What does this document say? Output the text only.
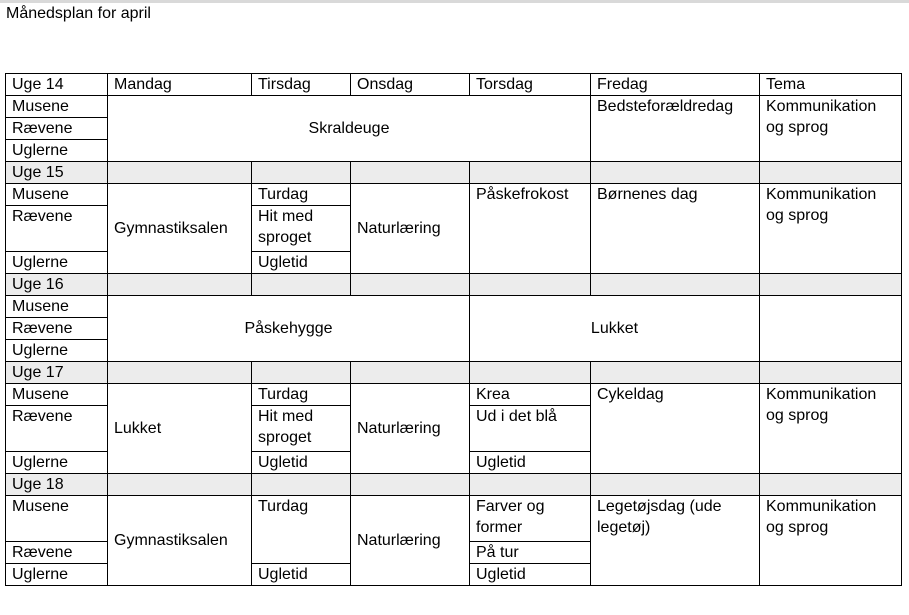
Månedsplan for april
Uge 14	Mandag	Tirsdag	Onsdag	Torsdag	Fredag	Tema
Musene	Skraldeuge				Bedsteforældredag	Kommunikation og sprog
Rævene						
Uglerne						
Uge 15						
Musene	Gymnastiksalen	Turdag	Naturlæring	Påskefrokost	Børnenes dag	Kommunikation og sprog
Rævene		Hit med sproget				
Uglerne		Ugletid				
Uge 16						
Musene	Påskehygge			Lukket		
Rævene						
Uglerne						
Uge 17						
Musene	Lukket	Turdag	Naturlæring	Krea	Cykeldag	Kommunikation og sprog
Rævene		Hit med sproget		Ud i det blå		
Uglerne		Ugletid		Ugletid		
Uge 18						
Musene	Gymnastiksalen	Turdag	Naturlæring	Farver og former	Legetøjsdag (ude legetøj)	Kommunikation og sprog
Rævene				På tur		
Uglerne		Ugletid		Ugletid		
